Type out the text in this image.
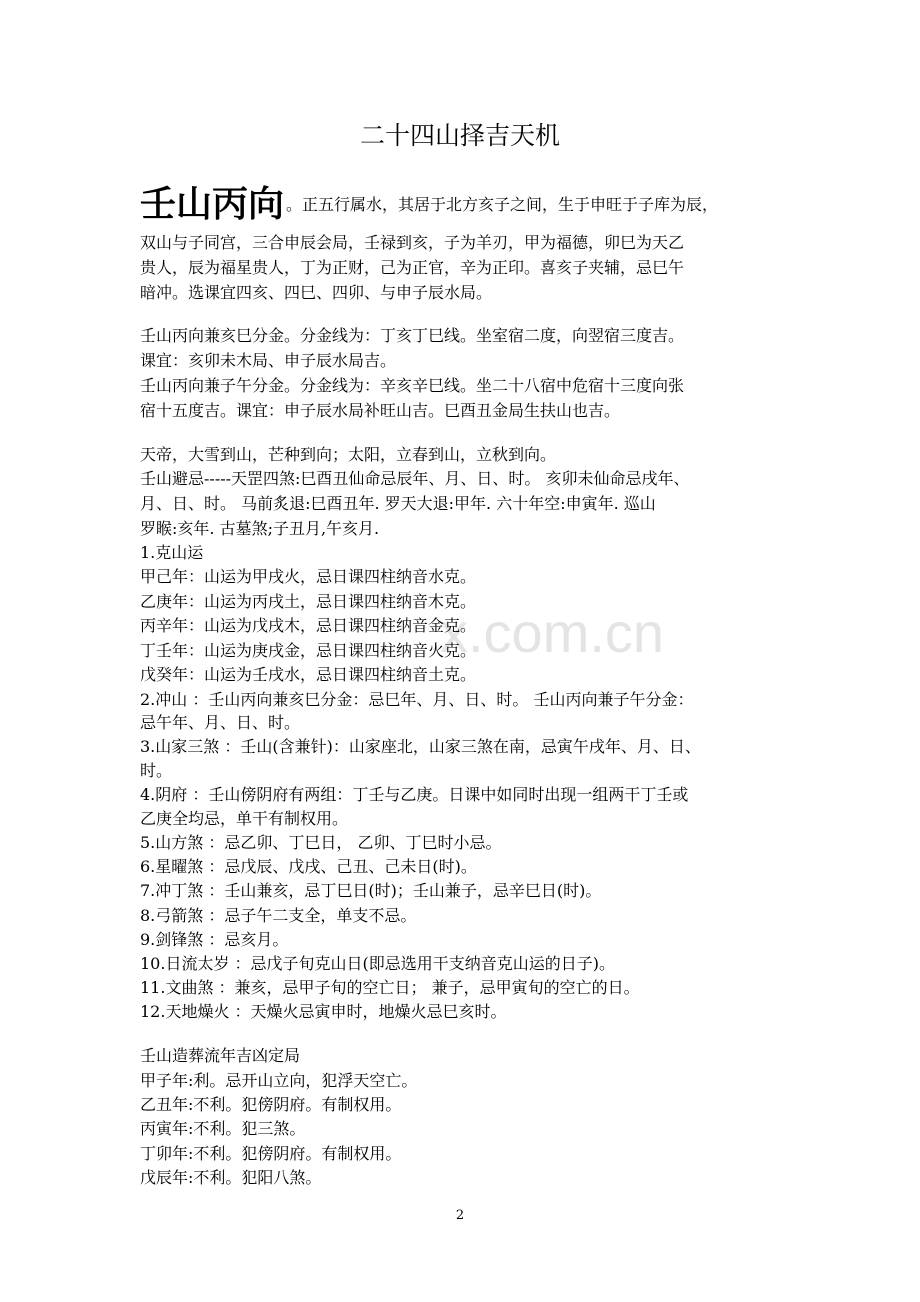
x.com.cn
二十四山择吉天机
壬山丙向 。正五行属水，其居于北方亥子之间，生于申旺于子库为辰，
双山与子同宫，三合申辰会局，壬禄到亥，子为羊刃，甲为福德，卯巳为天乙
贵人，辰为福星贵人，丁为正财，己为正官，辛为正印。喜亥子夹辅，忌巳午
暗冲。选课宜四亥、四巳、四卯、与申子辰水局。
壬山丙向兼亥巳分金。分金线为：丁亥丁巳线。坐室宿二度，向翌宿三度吉。
课宜：亥卯未木局、申子辰水局吉。
壬山丙向兼子午分金。分金线为：辛亥辛巳线。坐二十八宿中危宿十三度向张
宿十五度吉。课宜：申子辰水局补旺山吉。巳酉丑金局生扶山也吉。
天帝，大雪到山，芒种到向；太阳，立春到山，立秋到向。
壬山避忌-----天罡四煞:巳酉丑仙命忌辰年、月、日、时。 亥卯未仙命忌戌年、
月、日、时。 马前炙退:巳酉丑年. 罗天大退:甲年. 六十年空:申寅年. 巡山
罗睺:亥年. 古墓煞;子丑月,午亥月.
1.克山运
甲己年：山运为甲戌火，忌日课四柱纳音水克。
乙庚年：山运为丙戌土，忌日课四柱纳音木克。
丙辛年：山运为戊戌木，忌日课四柱纳音金克。
丁壬年：山运为庚戌金，忌日课四柱纳音火克。
戊癸年：山运为壬戌水，忌日课四柱纳音土克。
2.冲山 ：壬山丙向兼亥巳分金：忌巳年、月、日、时。 壬山丙向兼子午分金：
忌午年、月、日、时。
3.山家三煞 ：壬山(含兼针)：山家座北，山家三煞在南，忌寅午戌年、月、日、
时。
4.阴府 ：壬山傍阴府有两组：丁壬与乙庚。日课中如同时出现一组两干丁壬或
乙庚全均忌，单干有制权用。
5.山方煞 ：忌乙卯、丁巳日， 乙卯、丁巳时小忌。
6.星曜煞 ：忌戊辰、戊戌、己丑、己未日(时)。
7.冲丁煞 ：壬山兼亥，忌丁巳日(时)；壬山兼子，忌辛巳日(时)。
8.弓箭煞 ：忌子午二支全，单支不忌。
9.剑锋煞 ：忌亥月。
10.日流太岁 ：忌戊子旬克山日(即忌选用干支纳音克山运的日子)。
11.文曲煞 ：兼亥，忌甲子旬的空亡日； 兼子，忌甲寅旬的空亡的日。
12.天地燥火 ：天燥火忌寅申时，地燥火忌巳亥时。
壬山造葬流年吉凶定局
甲子年:利。忌开山立向，犯浮天空亡。
乙丑年:不利。犯傍阴府。有制权用。
丙寅年:不利。犯三煞。
丁卯年:不利。犯傍阴府。有制权用。
戊辰年:不利。犯阳八煞。
2
